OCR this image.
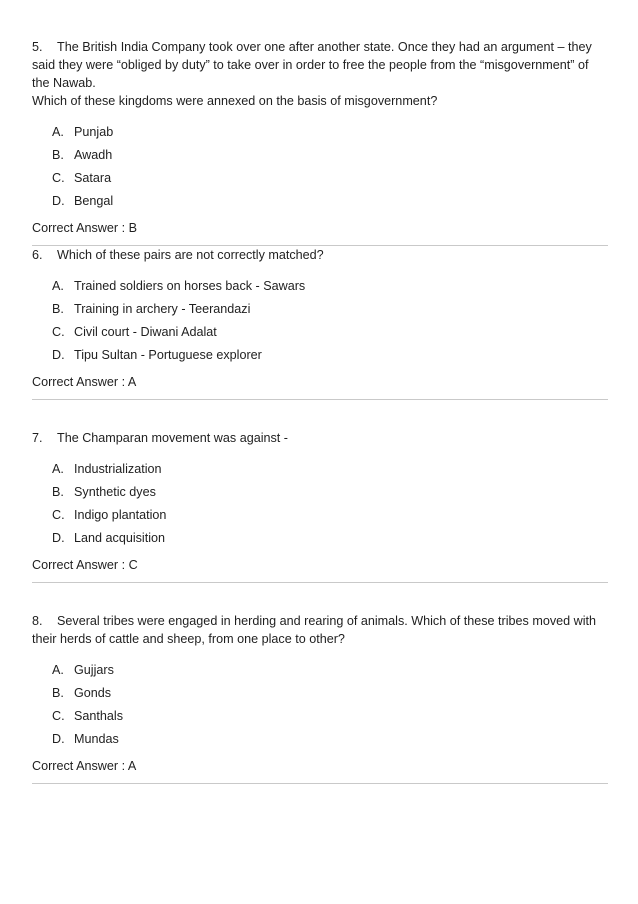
5. The British India Company took over one after another state. Once they had an argument – they said they were “obliged by duty” to take over in order to free the people from the “misgovernment” of the Nawab.
Which of these kingdoms were annexed on the basis of misgovernment?

A. Punjab
B. Awadh
C. Satara
D. Bengal
Correct Answer : B

6. Which of these pairs are not correctly matched?

A. Trained soldiers on horses back - Sawars
B. Training in archery - Teerandazi
C. Civil court - Diwani Adalat
D. Tipu Sultan - Portuguese explorer
Correct Answer : A

7. The Champaran movement was against -

A. Industrialization
B. Synthetic dyes
C. Indigo plantation
D. Land acquisition
Correct Answer : C

8. Several tribes were engaged in herding and rearing of animals. Which of these tribes moved with their herds of cattle and sheep, from one place to other?

A. Gujjars
B. Gonds
C. Santhals
D. Mundas
Correct Answer : A
